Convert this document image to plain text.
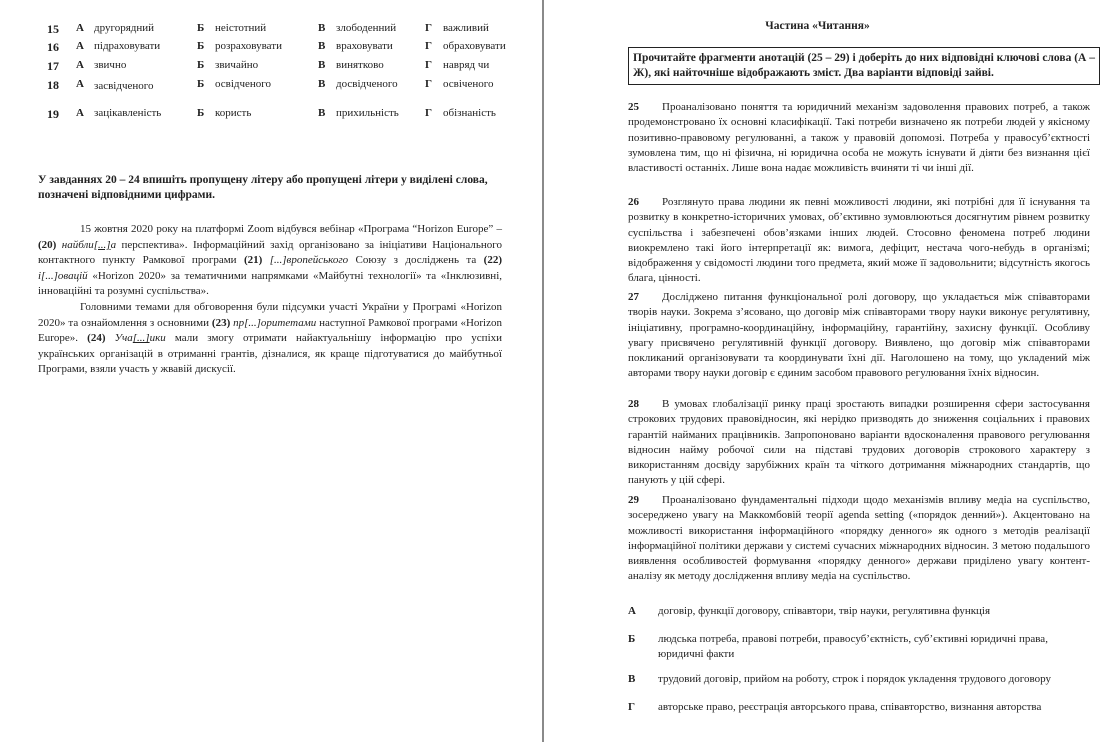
15 А другорядний	Б неістотний	В злободенний	Г важливий
16 А підраховувати	Б розраховувати	В враховувати	Г обраховувати
17 А звично	Б звичайно	В винятково	Г навряд чи
18 А засвідченого	Б освідченого	В досвідченого Г освіченого
19 А зацікавленість	Б користь	В прихильність Г обізнаність
У завданнях 20 – 24 впишіть пропущену літеру або пропущені літери у виділені слова, позначені відповідними цифрами.

15 жовтня 2020 року на платформі Zoom відбувся вебінар «Програма “Horizon Europe” – (20) найбли[...]а перспектива». Інформаційний захід організовано за ініціативи Національного контактного пункту Рамкової програми (21) [...]вропейського Союзу з досліджень та (22) і[...]овацій «Horizon 2020» за тематичними напрямками «Майбутні технології» та «Інклюзивні, інноваційні та розумні суспільства».

Головними темами для обговорення були підсумки участі України у Програмі «Horizon 2020» та ознайомлення з основними (23) пр[...]оритетами наступної Рамкової програми «Horizon Europe». (24) Уча[...]ики мали змогу отримати найактуальнішу інформацію про успіхи українських організацій в отриманні грантів, дізналися, як краще підготуватися до майбутньої Програми, взяли участь у жвавій дискусії.

Частина «Читання»
Прочитайте фрагменти анотацій (25 – 29) і доберіть до них відповідні ключові слова (А – Ж), які найточніше відображають зміст. Два варіанти відповіді зайві.
25 Проаналізовано поняття та юридичний механізм задоволення правових потреб, а також продемонстровано їх основні класифікації. Такі потреби визначено як потреби людей у якісному позитивно-правовому регулюванні, а також у правовій допомозі. Потреба у правосуб’єктності зумовлена тим, що ні фізична, ні юридична особа не можуть існувати й діяти без визнання цієї властивості останніх. Лише вона надає можливість вчиняти ті чи інші дії.
26 Розглянуто права людини як певні можливості людини, які потрібні для її існування та розвитку в конкретно-історичних умовах, об’єктивно зумовлюються досягнутим рівнем розвитку суспільства і забезпечені обов’язками інших людей. Стосовно феномена потреб людини виокремлено такі його інтерпретації як: вимога, дефіцит, нестача чого-небудь в організмі; відображення у свідомості людини того предмета, який може її задовольнити; відсутність якогось блага, цінності.
27 Досліджено питання функціональної ролі договору, що укладається між співавторами творів науки. Зокрема з’ясовано, що договір між співавторами твору науки виконує регулятивну, ініціативну, програмно-координаційну, інформаційну, гарантійну, захисну функції. Особливу увагу присвячено регулятивній функції договору. Виявлено, що договір між співавторами покликаний організовувати та координувати їхні дії. Наголошено на тому, що укладений між авторами твору науки договір є єдиним засобом правового регулювання їхніх відносин.
28 В умовах глобалізації ринку праці зростають випадки розширення сфери застосування строкових трудових правовідносин, які нерідко призводять до зниження соціальних і правових гарантій найманих працівників. Запропоновано варіанти вдосконалення правового регулювання відносин найму робочої сили на підставі трудових договорів строкового характеру з використанням досвіду зарубіжних країн та чіткого дотримання міжнародних стандартів, що панують у цій сфері.
29 Проаналізовано фундаментальні підходи щодо механізмів впливу медіа на суспільство, зосереджено увагу на Маккомбовій теорії agenda setting («порядок денний»). Акцентовано на можливості використання інформаційного «порядку денного» як одного з методів реалізації інформаційної політики держави у системі сучасних міжнародних відносин. З метою подальшого виявлення особливостей формування «порядку денного» держави приділено увагу контент-аналізу як методу дослідження впливу медіа на суспільство.
А договір, функції договору, співавтори, твір науки, регулятивна функція
Б людська потреба, правові потреби, правосуб’єктність, суб’єктивні юридичні права, юридичні факти
В трудовий договір, прийом на роботу, строк і порядок укладення трудового договору
Г авторське право, реєстрація авторського права, співавторство, визнання авторства
